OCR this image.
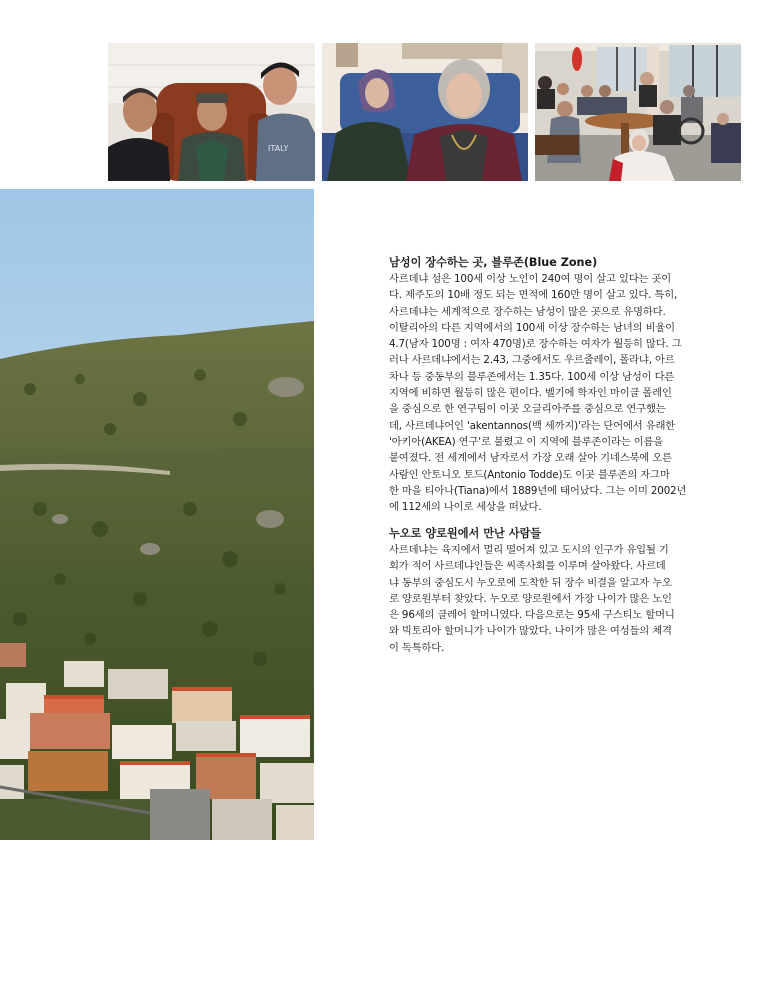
ITALY

남성이 장수하는 곳, 블루존(Blue Zone)

사르데냐 섬은 100세 이상 노인이 240여 명이 살고 있다는 곳이

다. 제주도의 10배 정도 되는 면적에 160만 명이 살고 있다. 특히,

사르데냐는 세계적으로 장수하는 남성이 많은 곳으로 유명하다.

이탈리아의 다른 지역에서의 100세 이상 장수하는 남녀의 비율이

4.7(남자 100명 : 여자 470명)로 장수하는 여자가 월등히 많다. 그

러나 사르데냐에서는 2.43, 그중에서도 우르줄레이, 폴라냐, 아르

차나 등 중동부의 블루존에서는 1.35다. 100세 이상 남성이 다른

지역에 비하면 월등히 많은 편이다. 벨기에 학자인 마이클 폴레인

을 중심으로 한 연구팀이 이곳 오글리아주를 중심으로 연구했는

데, 사르데냐어인 'akentannos(백 세까지)'라는 단어에서 유래한

'아키아(AKEA) 연구'로 불렸고 이 지역에 블루존이라는 이름을

붙여졌다. 전 세계에서 남자로서 가장 오래 살아 기네스북에 오른

사람인 안토니오 토드(Antonio Todde)도 이곳 블루존의 자그마

한 마을 티아나(Tiana)에서 1889년에 태어났다. 그는 이미 2002년

에 112세의 나이로 세상을 떠났다.

누오로 양로원에서 만난 사람들

사르데냐는 육지에서 멀리 떨어져 있고 도시의 인구가 유입될 기

회가 적어 사르데냐인들은 씨족사회를 이루며 살아왔다. 사르데

냐 동부의 중심도시 누오로에 도착한 뒤 장수 비결을 알고자 누오

로 양로원부터 찾았다. 누오로 양로원에서 가장 나이가 많은 노인

은 96세의 클레어 할머니였다. 다음으로는 95세 구스티노 할머니

와 빅토리아 할머니가 나이가 많았다. 나이가 많은 여성들의 체격

이 독특하다.
